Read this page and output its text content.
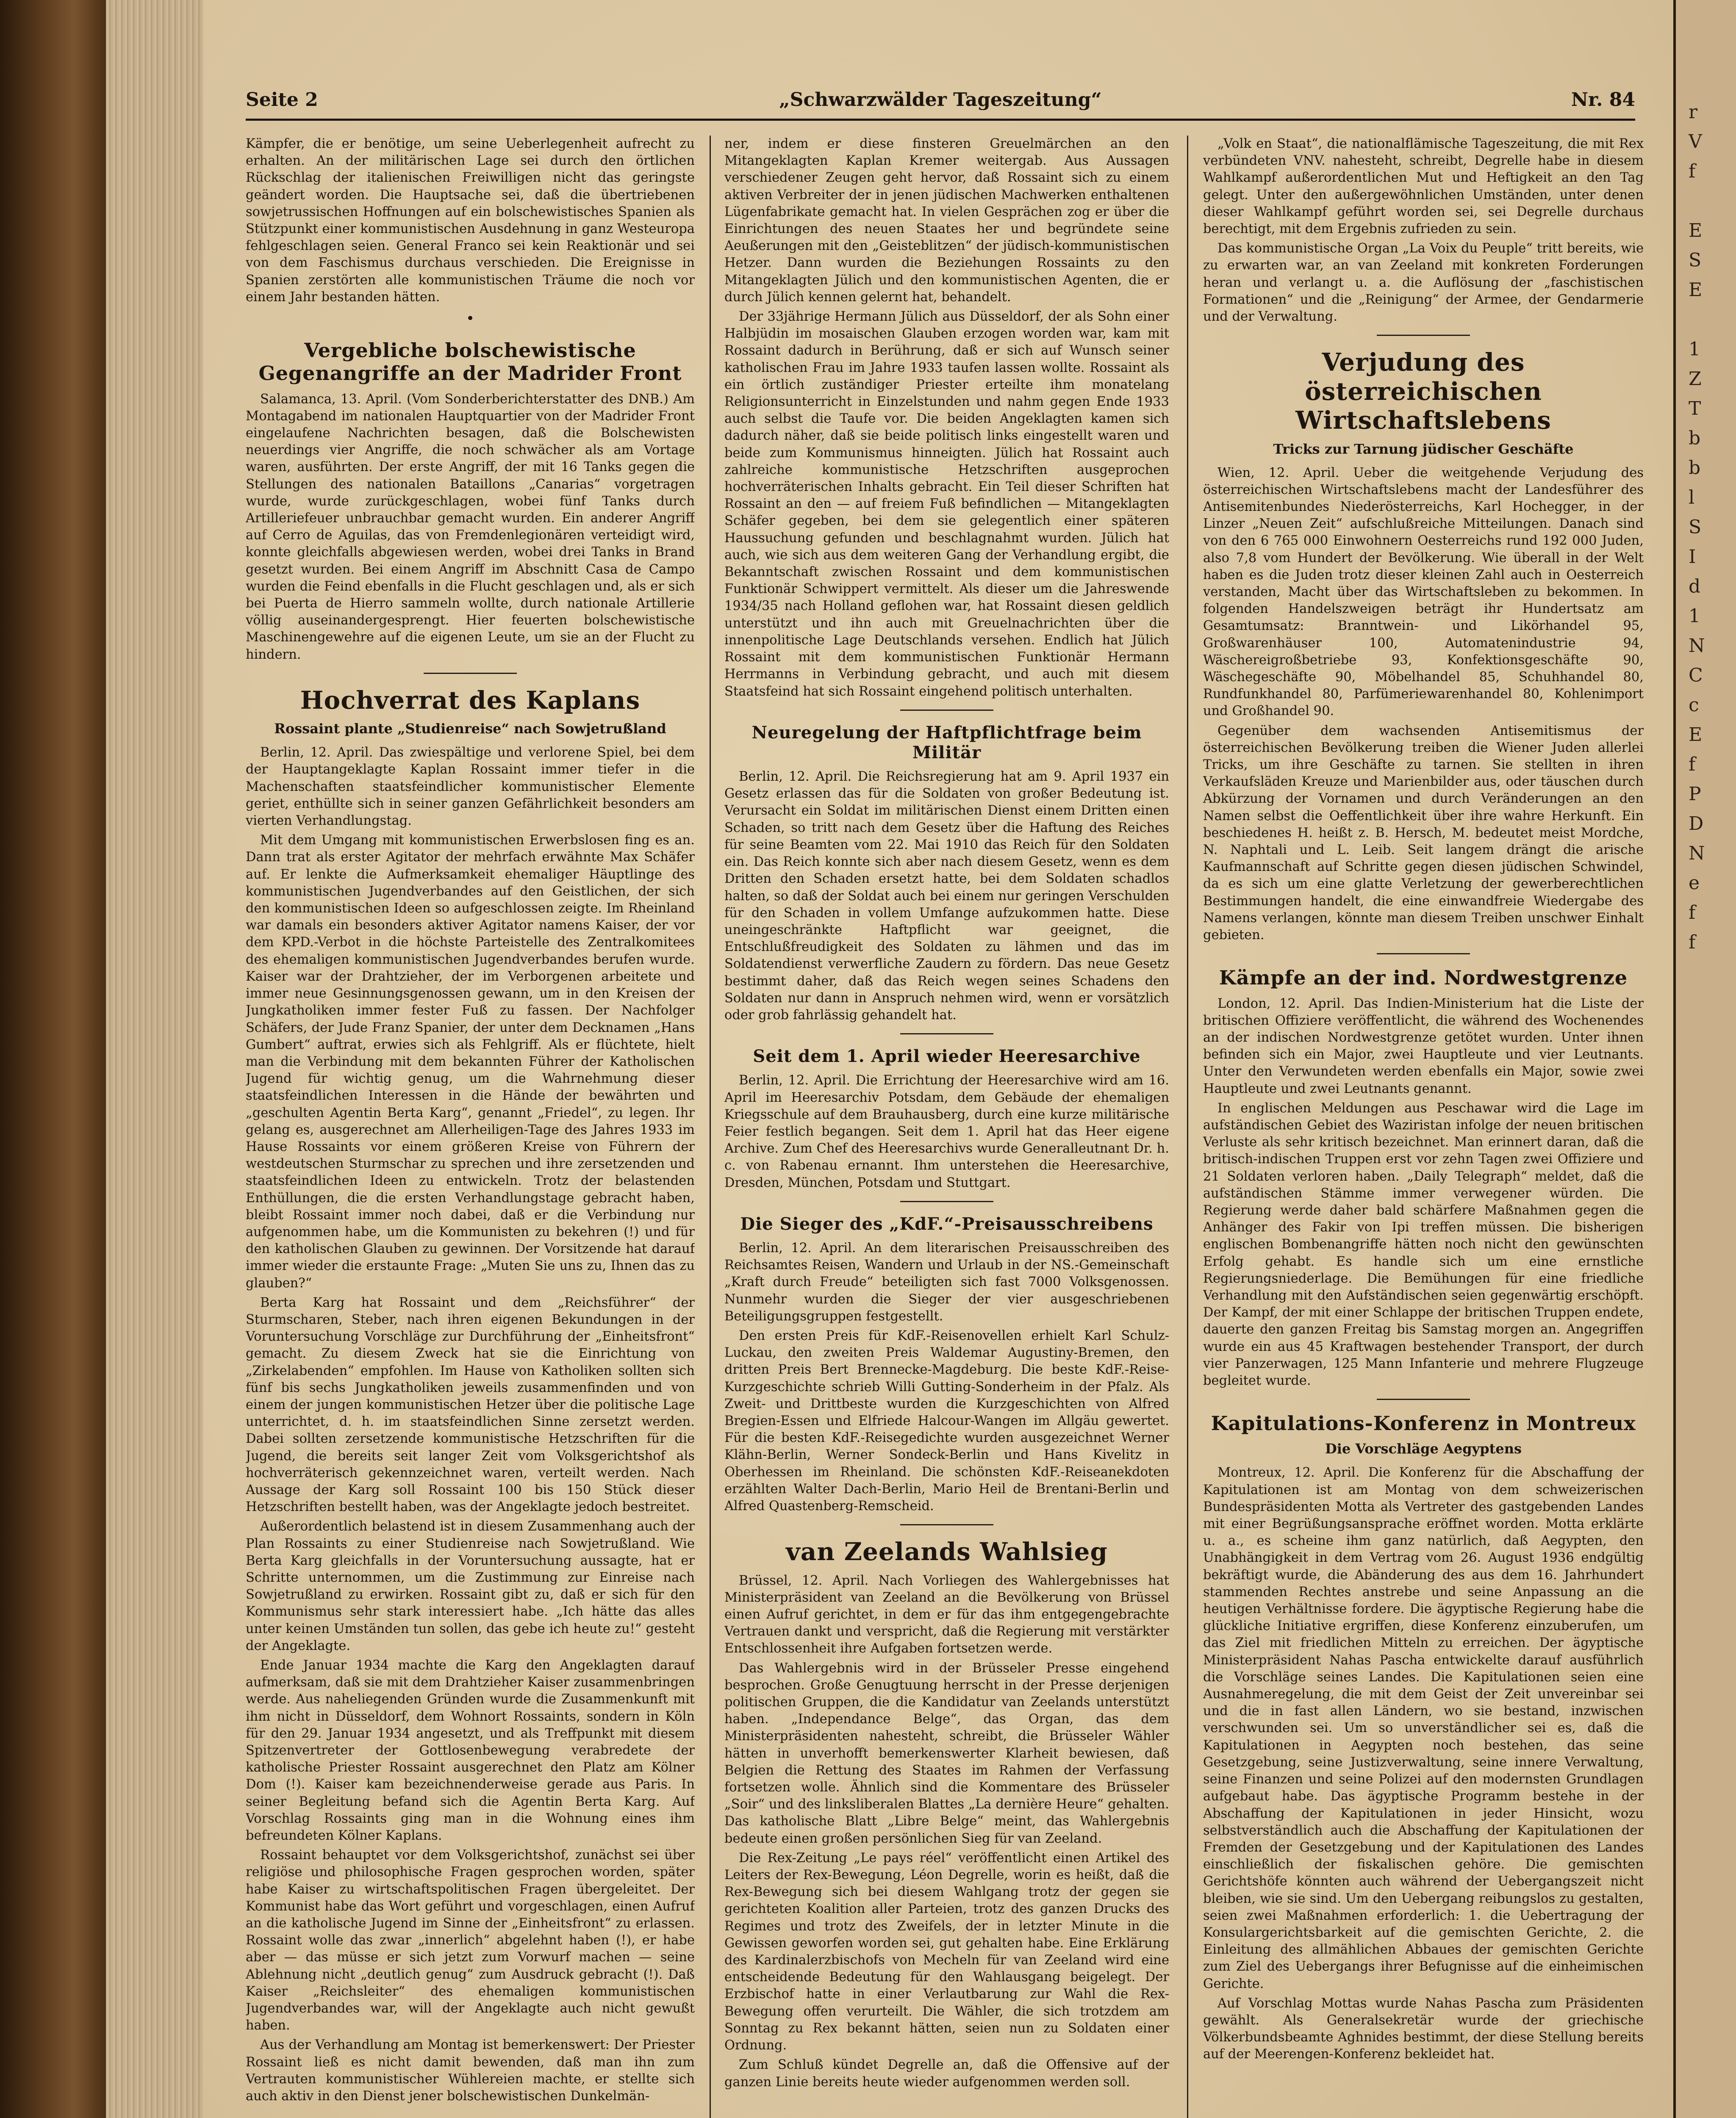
Seite 2	„Schwarzwälder Tageszeitung“	Nr. 84

Kämpfer, die er benötige, um seine Ueberlegenheit aufrecht zu erhalten. An der militärischen Lage sei durch den örtlichen Rückschlag der italienischen Freiwilligen nicht das geringste geändert worden. Die Hauptsache sei, daß die übertriebenen sowjetrussischen Hoffnungen auf ein bolschewistisches Spanien als Stützpunkt einer kommunistischen Ausdehnung in ganz Westeuropa fehlgeschlagen seien. General Franco sei kein Reaktionär und sei von dem Faschismus durchaus verschieden. Die Ereignisse in Spanien zerstörten alle kommunistischen Träume die noch vor einem Jahr bestanden hätten.

•
Vergebliche bolschewistische Gegenangriffe an der Madrider Front

Salamanca, 13. April. (Vom Sonderberichterstatter des DNB.) Am Montagabend im nationalen Hauptquartier von der Madrider Front eingelaufene Nachrichten besagen, daß die Bolschewisten neuerdings vier Angriffe, die noch schwächer als am Vortage waren, ausführten. Der erste Angriff, der mit 16 Tanks gegen die Stellungen des nationalen Bataillons „Canarias“ vorgetragen wurde, wurde zurückgeschlagen, wobei fünf Tanks durch Artilleriefeuer unbrauchbar gemacht wurden. Ein anderer Angriff auf Cerro de Aguilas, das von Fremdenlegionären verteidigt wird, konnte gleichfalls abgewiesen werden, wobei drei Tanks in Brand gesetzt wurden. Bei einem Angriff im Abschnitt Casa de Campo wurden die Feind ebenfalls in die Flucht geschlagen und, als er sich bei Puerta de Hierro sammeln wollte, durch nationale Artillerie völlig auseinandergesprengt. Hier feuerten bolschewistische Maschinengewehre auf die eigenen Leute, um sie an der Flucht zu hindern.

Hochverrat des Kaplans
Rossaint plante „Studienreise“ nach Sowjetrußland

Berlin, 12. April. Das zwiespältige und verlorene Spiel, bei dem der Hauptangeklagte Kaplan Rossaint immer tiefer in die Machenschaften staatsfeindlicher kommunistischer Elemente geriet, enthüllte sich in seiner ganzen Gefährlichkeit besonders am vierten Verhandlungstag.

Mit dem Umgang mit kommunistischen Erwerbslosen fing es an. Dann trat als erster Agitator der mehrfach erwähnte Max Schäfer auf. Er lenkte die Aufmerksamkeit ehemaliger Häuptlinge des kommunistischen Jugendverbandes auf den Geistlichen, der sich den kommunistischen Ideen so aufgeschlossen zeigte. Im Rheinland war damals ein besonders aktiver Agitator namens Kaiser, der vor dem KPD.-Verbot in die höchste Parteistelle des Zentralkomitees des ehemaligen kommunistischen Jugendverbandes berufen wurde. Kaiser war der Drahtzieher, der im Verborgenen arbeitete und immer neue Gesinnungsgenossen gewann, um in den Kreisen der Jungkatholiken immer fester Fuß zu fassen. Der Nachfolger Schäfers, der Jude Franz Spanier, der unter dem Decknamen „Hans Gumbert“ auftrat, erwies sich als Fehlgriff. Als er flüchtete, hielt man die Verbindung mit dem bekannten Führer der Katholischen Jugend für wichtig genug, um die Wahrnehmung dieser staatsfeindlichen Interessen in die Hände der bewährten und „geschulten Agentin Berta Karg“, genannt „Friedel“, zu legen. Ihr gelang es, ausgerechnet am Allerheiligen-Tage des Jahres 1933 im Hause Rossaints vor einem größeren Kreise von Führern der westdeutschen Sturmschar zu sprechen und ihre zersetzenden und staatsfeindlichen Ideen zu entwickeln. Trotz der belastenden Enthüllungen, die die ersten Verhandlungstage gebracht haben, bleibt Rossaint immer noch dabei, daß er die Verbindung nur aufgenommen habe, um die Kommunisten zu bekehren (!) und für den katholischen Glauben zu gewinnen. Der Vorsitzende hat darauf immer wieder die erstaunte Frage: „Muten Sie uns zu, Ihnen das zu glauben?“

Berta Karg hat Rossaint und dem „Reichsführer“ der Sturmscharen, Steber, nach ihren eigenen Bekundungen in der Voruntersuchung Vorschläge zur Durchführung der „Einheitsfront“ gemacht. Zu diesem Zweck hat sie die Einrichtung von „Zirkelabenden“ empfohlen. Im Hause von Katholiken sollten sich fünf bis sechs Jungkatholiken jeweils zusammenfinden und von einem der jungen kommunistischen Hetzer über die politische Lage unterrichtet, d. h. im staatsfeindlichen Sinne zersetzt werden. Dabei sollten zersetzende kommunistische Hetzschriften für die Jugend, die bereits seit langer Zeit vom Volksgerichtshof als hochverräterisch gekennzeichnet waren, verteilt werden. Nach Aussage der Karg soll Rossaint 100 bis 150 Stück dieser Hetzschriften bestellt haben, was der Angeklagte jedoch bestreitet.

Außerordentlich belastend ist in diesem Zusammenhang auch der Plan Rossaints zu einer Studienreise nach Sowjetrußland. Wie Berta Karg gleichfalls in der Voruntersuchung aussagte, hat er Schritte unternommen, um die Zustimmung zur Einreise nach Sowjetrußland zu erwirken. Rossaint gibt zu, daß er sich für den Kommunismus sehr stark interessiert habe. „Ich hätte das alles unter keinen Umständen tun sollen, das gebe ich heute zu!“ gesteht der Angeklagte.

Ende Januar 1934 machte die Karg den Angeklagten darauf aufmerksam, daß sie mit dem Drahtzieher Kaiser zusammenbringen werde. Aus naheliegenden Gründen wurde die Zusammenkunft mit ihm nicht in Düsseldorf, dem Wohnort Rossaints, sondern in Köln für den 29. Januar 1934 angesetzt, und als Treffpunkt mit diesem Spitzenvertreter der Gottlosenbewegung verabredete der katholische Priester Rossaint ausgerechnet den Platz am Kölner Dom (!). Kaiser kam bezeichnenderweise gerade aus Paris. In seiner Begleitung befand sich die Agentin Berta Karg. Auf Vorschlag Rossaints ging man in die Wohnung eines ihm befreundeten Kölner Kaplans.

Rossaint behauptet vor dem Volksgerichtshof, zunächst sei über religiöse und philosophische Fragen gesprochen worden, später habe Kaiser zu wirtschaftspolitischen Fragen übergeleitet. Der Kommunist habe das Wort geführt und vorgeschlagen, einen Aufruf an die katholische Jugend im Sinne der „Einheitsfront“ zu erlassen. Rossaint wolle das zwar „innerlich“ abgelehnt haben (!), er habe aber — das müsse er sich jetzt zum Vorwurf machen — seine Ablehnung nicht „deutlich genug“ zum Ausdruck gebracht (!). Daß Kaiser „Reichsleiter“ des ehemaligen kommunistischen Jugendverbandes war, will der Angeklagte auch nicht gewußt haben.

Aus der Verhandlung am Montag ist bemerkenswert: Der Priester Rossaint ließ es nicht damit bewenden, daß man ihn zum Vertrauten kommunistischer Wühlereien machte, er stellte sich auch aktiv in den Dienst jener bolschewistischen Dunkelmän-

ner, indem er diese finsteren Greuelmärchen an den Mitangeklagten Kaplan Kremer weitergab. Aus Aussagen verschiedener Zeugen geht hervor, daß Rossaint sich zu einem aktiven Verbreiter der in jenen jüdischen Machwerken enthaltenen Lügenfabrikate gemacht hat. In vielen Gesprächen zog er über die Einrichtungen des neuen Staates her und begründete seine Aeußerungen mit den „Geisteblitzen“ der jüdisch-kommunistischen Hetzer. Dann wurden die Beziehungen Rossaints zu den Mitangeklagten Jülich und den kommunistischen Agenten, die er durch Jülich kennen gelernt hat, behandelt.

Der 33jährige Hermann Jülich aus Düsseldorf, der als Sohn einer Halbjüdin im mosaischen Glauben erzogen worden war, kam mit Rossaint dadurch in Berührung, daß er sich auf Wunsch seiner katholischen Frau im Jahre 1933 taufen lassen wollte. Rossaint als ein örtlich zuständiger Priester erteilte ihm monatelang Religionsunterricht in Einzelstunden und nahm gegen Ende 1933 auch selbst die Taufe vor. Die beiden Angeklagten kamen sich dadurch näher, daß sie beide politisch links eingestellt waren und beide zum Kommunismus hinneigten. Jülich hat Rossaint auch zahlreiche kommunistische Hetzschriften ausgeprochen hochverräterischen Inhalts gebracht. Ein Teil dieser Schriften hat Rossaint an den — auf freiem Fuß befindlichen — Mitangeklagten Schäfer gegeben, bei dem sie gelegentlich einer späteren Haussuchung gefunden und beschlagnahmt wurden. Jülich hat auch, wie sich aus dem weiteren Gang der Verhandlung ergibt, die Bekanntschaft zwischen Rossaint und dem kommunistischen Funktionär Schwippert vermittelt. Als dieser um die Jahreswende 1934/35 nach Holland geflohen war, hat Rossaint diesen geldlich unterstützt und ihn auch mit Greuelnachrichten über die innenpolitische Lage Deutschlands versehen. Endlich hat Jülich Rossaint mit dem kommunistischen Funktionär Hermann Herrmanns in Verbindung gebracht, und auch mit diesem Staatsfeind hat sich Rossaint eingehend politisch unterhalten.

Neuregelung der Haftpflichtfrage beim Militär

Berlin, 12. April. Die Reichsregierung hat am 9. April 1937 ein Gesetz erlassen das für die Soldaten von großer Bedeutung ist. Verursacht ein Soldat im militärischen Dienst einem Dritten einen Schaden, so tritt nach dem Gesetz über die Haftung des Reiches für seine Beamten vom 22. Mai 1910 das Reich für den Soldaten ein. Das Reich konnte sich aber nach diesem Gesetz, wenn es dem Dritten den Schaden ersetzt hatte, bei dem Soldaten schadlos halten, so daß der Soldat auch bei einem nur geringen Verschulden für den Schaden in vollem Umfange aufzukommen hatte. Diese uneingeschränkte Haftpflicht war geeignet, die Entschlußfreudigkeit des Soldaten zu lähmen und das im Soldatendienst verwerfliche Zaudern zu fördern. Das neue Gesetz bestimmt daher, daß das Reich wegen seines Schadens den Soldaten nur dann in Anspruch nehmen wird, wenn er vorsätzlich oder grob fahrlässig gehandelt hat.

Seit dem 1. April wieder Heeresarchive

Berlin, 12. April. Die Errichtung der Heeresarchive wird am 16. April im Heeresarchiv Potsdam, dem Gebäude der ehemaligen Kriegsschule auf dem Brauhausberg, durch eine kurze militärische Feier festlich begangen. Seit dem 1. April hat das Heer eigene Archive. Zum Chef des Heeresarchivs wurde Generalleutnant Dr. h. c. von Rabenau ernannt. Ihm unterstehen die Heeresarchive, Dresden, München, Potsdam und Stuttgart.

Die Sieger des „KdF.“-Preisausschreibens

Berlin, 12. April. An dem literarischen Preisausschreiben des Reichsamtes Reisen, Wandern und Urlaub in der NS.-Gemeinschaft „Kraft durch Freude“ beteiligten sich fast 7000 Volksgenossen. Nunmehr wurden die Sieger der vier ausgeschriebenen Beteiligungsgruppen festgestellt.

Den ersten Preis für KdF.-Reisenovellen erhielt Karl Schulz-Luckau, den zweiten Preis Waldemar Augustiny-Bremen, den dritten Preis Bert Brennecke-Magdeburg. Die beste KdF.-Reise-Kurzgeschichte schrieb Willi Gutting-Sonderheim in der Pfalz. Als Zweit- und Drittbeste wurden die Kurzgeschichten von Alfred Bregien-Essen und Elfriede Halcour-Wangen im Allgäu gewertet. Für die besten KdF.-Reisegedichte wurden ausgezeichnet Werner Klähn-Berlin, Werner Sondeck-Berlin und Hans Kivelitz in Oberhessen im Rheinland. Die schönsten KdF.-Reiseanekdoten erzählten Walter Dach-Berlin, Mario Heil de Brentani-Berlin und Alfred Quastenberg-Remscheid.

van Zeelands Wahlsieg

Brüssel, 12. April. Nach Vorliegen des Wahlergebnisses hat Ministerpräsident van Zeeland an die Bevölkerung von Brüssel einen Aufruf gerichtet, in dem er für das ihm entgegengebrachte Vertrauen dankt und verspricht, daß die Regierung mit verstärkter Entschlossenheit ihre Aufgaben fortsetzen werde.

Das Wahlergebnis wird in der Brüsseler Presse eingehend besprochen. Große Genugtuung herrscht in der Presse derjenigen politischen Gruppen, die die Kandidatur van Zeelands unterstützt haben. „Independance Belge“, das Organ, das dem Ministerpräsidenten nahesteht, schreibt, die Brüsseler Wähler hätten in unverhofft bemerkenswerter Klarheit bewiesen, daß Belgien die Rettung des Staates im Rahmen der Verfassung fortsetzen wolle. Ähnlich sind die Kommentare des Brüsseler „Soir“ und des linksliberalen Blattes „La dernière Heure“ gehalten. Das katholische Blatt „Libre Belge“ meint, das Wahlergebnis bedeute einen großen persönlichen Sieg für van Zeeland.

Die Rex-Zeitung „Le pays réel“ veröffentlicht einen Artikel des Leiters der Rex-Bewegung, Léon Degrelle, worin es heißt, daß die Rex-Bewegung sich bei diesem Wahlgang trotz der gegen sie gerichteten Koalition aller Parteien, trotz des ganzen Drucks des Regimes und trotz des Zweifels, der in letzter Minute in die Gewissen geworfen worden sei, gut gehalten habe. Eine Erklärung des Kardinalerzbischofs von Mecheln für van Zeeland wird eine entscheidende Bedeutung für den Wahlausgang beigelegt. Der Erzbischof hatte in einer Verlautbarung zur Wahl die Rex-Bewegung offen verurteilt. Die Wähler, die sich trotzdem am Sonntag zu Rex bekannt hätten, seien nun zu Soldaten einer Ordnung.

Zum Schluß kündet Degrelle an, daß die Offensive auf der ganzen Linie bereits heute wieder aufgenommen werden soll.

„Volk en Staat“, die nationalflämische Tageszeitung, die mit Rex verbündeten VNV. nahesteht, schreibt, Degrelle habe in diesem Wahlkampf außerordentlichen Mut und Heftigkeit an den Tag gelegt. Unter den außergewöhnlichen Umständen, unter denen dieser Wahlkampf geführt worden sei, sei Degrelle durchaus berechtigt, mit dem Ergebnis zufrieden zu sein.

Das kommunistische Organ „La Voix du Peuple“ tritt bereits, wie zu erwarten war, an van Zeeland mit konkreten Forderungen heran und verlangt u. a. die Auflösung der „faschistischen Formationen“ und die „Reinigung“ der Armee, der Gendarmerie und der Verwaltung.

Verjudung des österreichischen Wirtschaftslebens
Tricks zur Tarnung jüdischer Geschäfte

Wien, 12. April. Ueber die weitgehende Verjudung des österreichischen Wirtschaftslebens macht der Landesführer des Antisemitenbundes Niederösterreichs, Karl Hochegger, in der Linzer „Neuen Zeit“ aufschlußreiche Mitteilungen. Danach sind von den 6 765 000 Einwohnern Oesterreichs rund 192 000 Juden, also 7,8 vom Hundert der Bevölkerung. Wie überall in der Welt haben es die Juden trotz dieser kleinen Zahl auch in Oesterreich verstanden, Macht über das Wirtschaftsleben zu bekommen. In folgenden Handelszweigen beträgt ihr Hundertsatz am Gesamtumsatz: Branntwein- und Likörhandel 95, Großwarenhäuser 100, Automatenindustrie 94, Wäschereigroßbetriebe 93, Konfektionsgeschäfte 90, Wäschegeschäfte 90, Möbelhandel 85, Schuhhandel 80, Rundfunkhandel 80, Parfümeriewarenhandel 80, Kohlenimport und Großhandel 90.

Gegenüber dem wachsenden Antisemitismus der österreichischen Bevölkerung treiben die Wiener Juden allerlei Tricks, um ihre Geschäfte zu tarnen. Sie stellten in ihren Verkaufsläden Kreuze und Marienbilder aus, oder täuschen durch Abkürzung der Vornamen und durch Veränderungen an den Namen selbst die Oeffentlichkeit über ihre wahre Herkunft. Ein beschiedenes H. heißt z. B. Hersch, M. bedeutet meist Mordche, N. Naphtali und L. Leib. Seit langem drängt die arische Kaufmannschaft auf Schritte gegen diesen jüdischen Schwindel, da es sich um eine glatte Verletzung der gewerberechtlichen Bestimmungen handelt, die eine einwandfreie Wiedergabe des Namens verlangen, könnte man diesem Treiben unschwer Einhalt gebieten.

Kämpfe an der ind. Nordwestgrenze

London, 12. April. Das Indien-Ministerium hat die Liste der britischen Offiziere veröffentlicht, die während des Wochenendes an der indischen Nordwestgrenze getötet wurden. Unter ihnen befinden sich ein Major, zwei Hauptleute und vier Leutnants. Unter den Verwundeten werden ebenfalls ein Major, sowie zwei Hauptleute und zwei Leutnants genannt.

In englischen Meldungen aus Peschawar wird die Lage im aufständischen Gebiet des Waziristan infolge der neuen britischen Verluste als sehr kritisch bezeichnet. Man erinnert daran, daß die britisch-indischen Truppen erst vor zehn Tagen zwei Offiziere und 21 Soldaten verloren haben. „Daily Telegraph“ meldet, daß die aufständischen Stämme immer verwegener würden. Die Regierung werde daher bald schärfere Maßnahmen gegen die Anhänger des Fakir von Ipi treffen müssen. Die bisherigen englischen Bombenangriffe hätten noch nicht den gewünschten Erfolg gehabt. Es handle sich um eine ernstliche Regierungsniederlage. Die Bemühungen für eine friedliche Verhandlung mit den Aufständischen seien gegenwärtig erschöpft. Der Kampf, der mit einer Schlappe der britischen Truppen endete, dauerte den ganzen Freitag bis Samstag morgen an. Angegriffen wurde ein aus 45 Kraftwagen bestehender Transport, der durch vier Panzerwagen, 125 Mann Infanterie und mehrere Flugzeuge begleitet wurde.

Kapitulations-Konferenz in Montreux
Die Vorschläge Aegyptens

Montreux, 12. April. Die Konferenz für die Abschaffung der Kapitulationen ist am Montag von dem schweizerischen Bundespräsidenten Motta als Vertreter des gastgebenden Landes mit einer Begrüßungsansprache eröffnet worden. Motta erklärte u. a., es scheine ihm ganz natürlich, daß Aegypten, den Unabhängigkeit in dem Vertrag vom 26. August 1936 endgültig bekräftigt wurde, die Abänderung des aus dem 16. Jahrhundert stammenden Rechtes anstrebe und seine Anpassung an die heutigen Verhältnisse fordere. Die ägyptische Regierung habe die glückliche Initiative ergriffen, diese Konferenz einzuberufen, um das Ziel mit friedlichen Mitteln zu erreichen. Der ägyptische Ministerpräsident Nahas Pascha entwickelte darauf ausführlich die Vorschläge seines Landes. Die Kapitulationen seien eine Ausnahmeregelung, die mit dem Geist der Zeit unvereinbar sei und die in fast allen Ländern, wo sie bestand, inzwischen verschwunden sei. Um so unverständlicher sei es, daß die Kapitulationen in Aegypten noch bestehen, das seine Gesetzgebung, seine Justizverwaltung, seine innere Verwaltung, seine Finanzen und seine Polizei auf den modernsten Grundlagen aufgebaut habe. Das ägyptische Programm bestehe in der Abschaffung der Kapitulationen in jeder Hinsicht, wozu selbstverständlich auch die Abschaffung der Kapitulationen der Fremden der Gesetzgebung und der Kapitulationen des Landes einschließlich der fiskalischen gehöre. Die gemischten Gerichtshöfe könnten auch während der Uebergangszeit nicht bleiben, wie sie sind. Um den Uebergang reibungslos zu gestalten, seien zwei Maßnahmen erforderlich: 1. die Uebertragung der Konsulargerichtsbarkeit auf die gemischten Gerichte, 2. die Einleitung des allmählichen Abbaues der gemischten Gerichte zum Ziel des Uebergangs ihrer Befugnisse auf die einheimischen Gerichte.

Auf Vorschlag Mottas wurde Nahas Pascha zum Präsidenten gewählt. Als Generalsekretär wurde der griechische Völkerbundsbeamte Aghnides bestimmt, der diese Stellung bereits auf der Meerengen-Konferenz bekleidet hat.

r
V
f

E
S
E

1
Z
T
b
b
l
S
I
d
1
N
C
c
E
f
P
D
N
e
f
f
